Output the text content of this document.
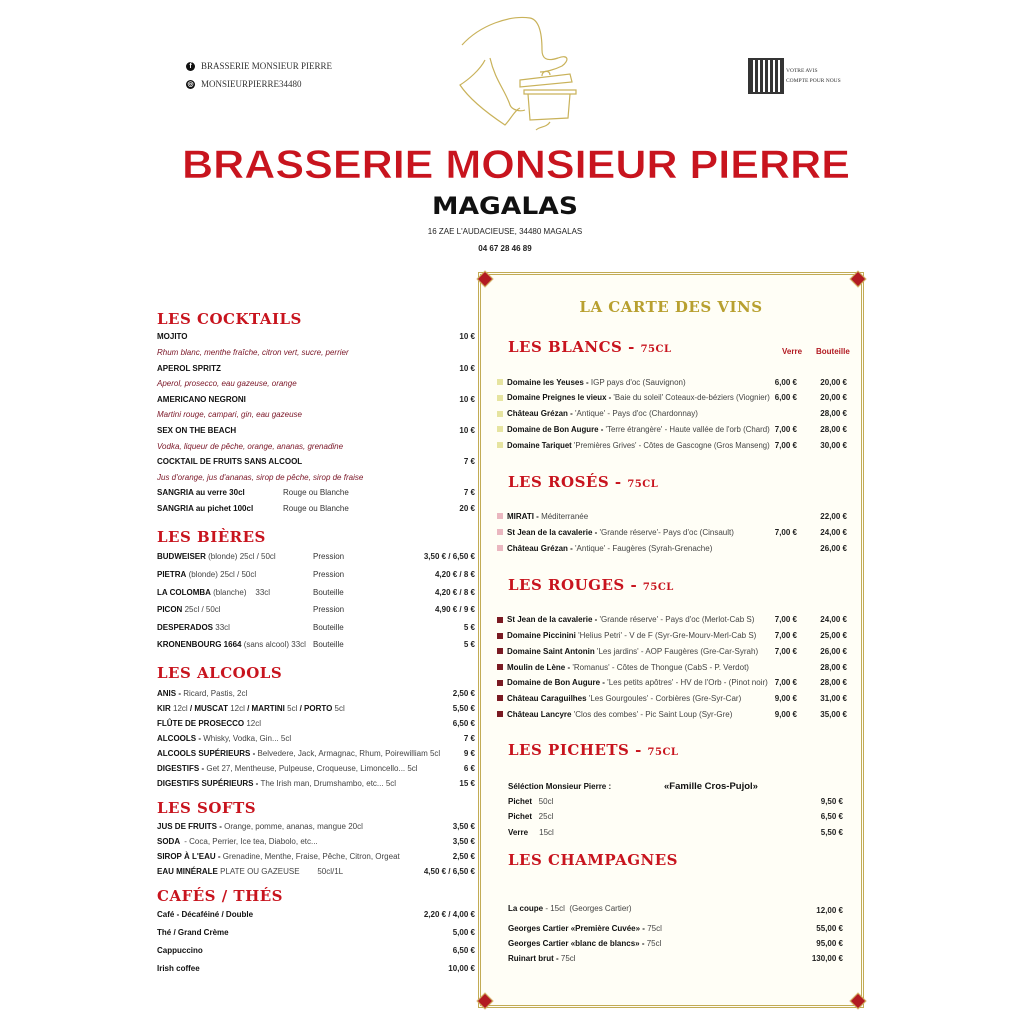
f	BRASSERIE MONSIEUR PIERRE
◎ MONSIEURPIERRE34480
VOTRE AVIS
COMPTE POUR NOUS
BRASSERIE MONSIEUR PIERRE
MAGALAS
16 ZAE L'AUDACIEUSE, 34480 MAGALAS
04 67 28 46 89
LES COCKTAILS
MOJITO	10 €
Rhum blanc, menthe fraîche, citron vert, sucre, perrier
APEROL SPRITZ	10 €
Aperol, prosecco, eau gazeuse, orange
AMERICANO NEGRONI	10 €
Martini rouge, campari, gin, eau gazeuse
SEX ON THE BEACH	10 €
Vodka, liqueur de pêche, orange, ananas, grenadine
COCKTAIL DE FRUITS SANS ALCOOL	7 €
Jus d'orange, jus d'ananas, sirop de pêche, sirop de fraise
SANGRIA au verre 30cl	Rouge ou Blanche	7 €
SANGRIA au pichet 100cl	Rouge ou Blanche	20 €
LES BIÈRES
BUDWEISER (blonde) 25cl / 50cl	Pression	3,50 € / 6,50 €
PIETRA (blonde) 25cl / 50cl	Pression	4,20 € / 8 €
LA COLOMBA (blanche)    33cl	Bouteille	4,20 € / 8 €
PICON 25cl / 50cl	Pression	4,90 € / 9 €
DESPERADOS 33cl	Bouteille	5 €
KRONENBOURG 1664 (sans alcool) 33cl Bouteille	5 €
LES ALCOOLS
ANIS - Ricard, Pastis, 2cl	2,50 €
KIR 12cl / MUSCAT 12cl / MARTINI 5cl / PORTO 5cl	5,50 €
FLÛTE DE PROSECCO 12cl	6,50 €
ALCOOLS - Whisky, Vodka, Gin... 5cl	7 €
ALCOOLS SUPÉRIEURS - Belvedere, Jack, Armagnac, Rhum, Poirewilliam 5cl	9 €
DIGESTIFS - Get 27, Mentheuse, Pulpeuse, Croqueuse, Limoncello... 5cl	6 €
DIGESTIFS SUPÉRIEURS - The Irish man, Drumshambo, etc... 5cl	15 €
LES SOFTS
JUS DE FRUITS - Orange, pomme, ananas, mangue 20cl	3,50 €
SODA  - Coca, Perrier, Ice tea, Diabolo, etc...	3,50 €
SIROP À L'EAU - Grenadine, Menthe, Fraise, Pêche, Citron, Orgeat	2,50 €
EAU MINÉRALE PLATE OU GAZEUSE        50cl/1L	4,50 € / 6,50 €
CAFÉS / THÉS
Café - Décaféiné / Double	2,20 € / 4,00 €
Thé / Grand Crème	5,00 €
Cappuccino	6,50 €
Irish coffee	10,00 €
LA CARTE DES VINS
Verre Bouteille
LES BLANCS - 75CL
Domaine les Yeuses - IGP pays d'oc (Sauvignon)	6,00 €	20,00 €
Domaine Preignes le vieux - 'Baie du soleil' Coteaux-de-béziers (Viognier) 6,00 €	20,00 €
Château Grézan - 'Antique' - Pays d'oc (Chardonnay)	28,00 €
Domaine de Bon Augure - 'Terre étrangère' - Haute vallée de l'orb (Chard) 7,00 €	28,00 €
Domaine Tariquet 'Premières Grives' - Côtes de Gascogne (Gros Manseng) 7,00 €	30,00 €
LES ROSÉS - 75CL
MIRATI - Méditerranée	22,00 €
St Jean de la cavalerie - 'Grande réserve'- Pays d'oc (Cinsault)	7,00 €	24,00 €
Château Grézan - 'Antique' - Faugères (Syrah-Grenache)	26,00 €
LES ROUGES - 75CL
St Jean de la cavalerie - 'Grande réserve' - Pays d'oc (Merlot-Cab S)	7,00 €	24,00 €
Domaine Piccinini 'Helius Petri' - V de F (Syr-Gre-Mourv-Merl-Cab S) 7,00 €	25,00 €
Domaine Saint Antonin 'Les jardins' - AOP Faugères (Gre-Car-Syrah) 7,00 €	26,00 €
Moulin de Lène - 'Romanus' - Côtes de Thongue (CabS - P. Verdot)	28,00 €
Domaine de Bon Augure - 'Les petits apôtres' - HV de l'Orb - (Pinot noir) 7,00 €	28,00 €
Château Caraguilhes 'Les Gourgoules' - Corbières (Gre-Syr-Car)	9,00 €	31,00 €
Château Lancyre 'Clos des combes' - Pic Saint Loup (Syr-Gre)	9,00 €	35,00 €
LES PICHETS - 75CL
Séléction Monsieur Pierre :	«Famille Cros-Pujol»
Pichet   50cl	9,50 €
Pichet   25cl	6,50 €
Verre     15cl	5,50 €
LES CHAMPAGNES
La coupe - 15cl  (Georges Cartier)	12,00 €
Georges Cartier «Première Cuvée» - 75cl	55,00 €
Georges Cartier «blanc de blancs» - 75cl	95,00 €
Ruinart brut - 75cl	130,00 €
